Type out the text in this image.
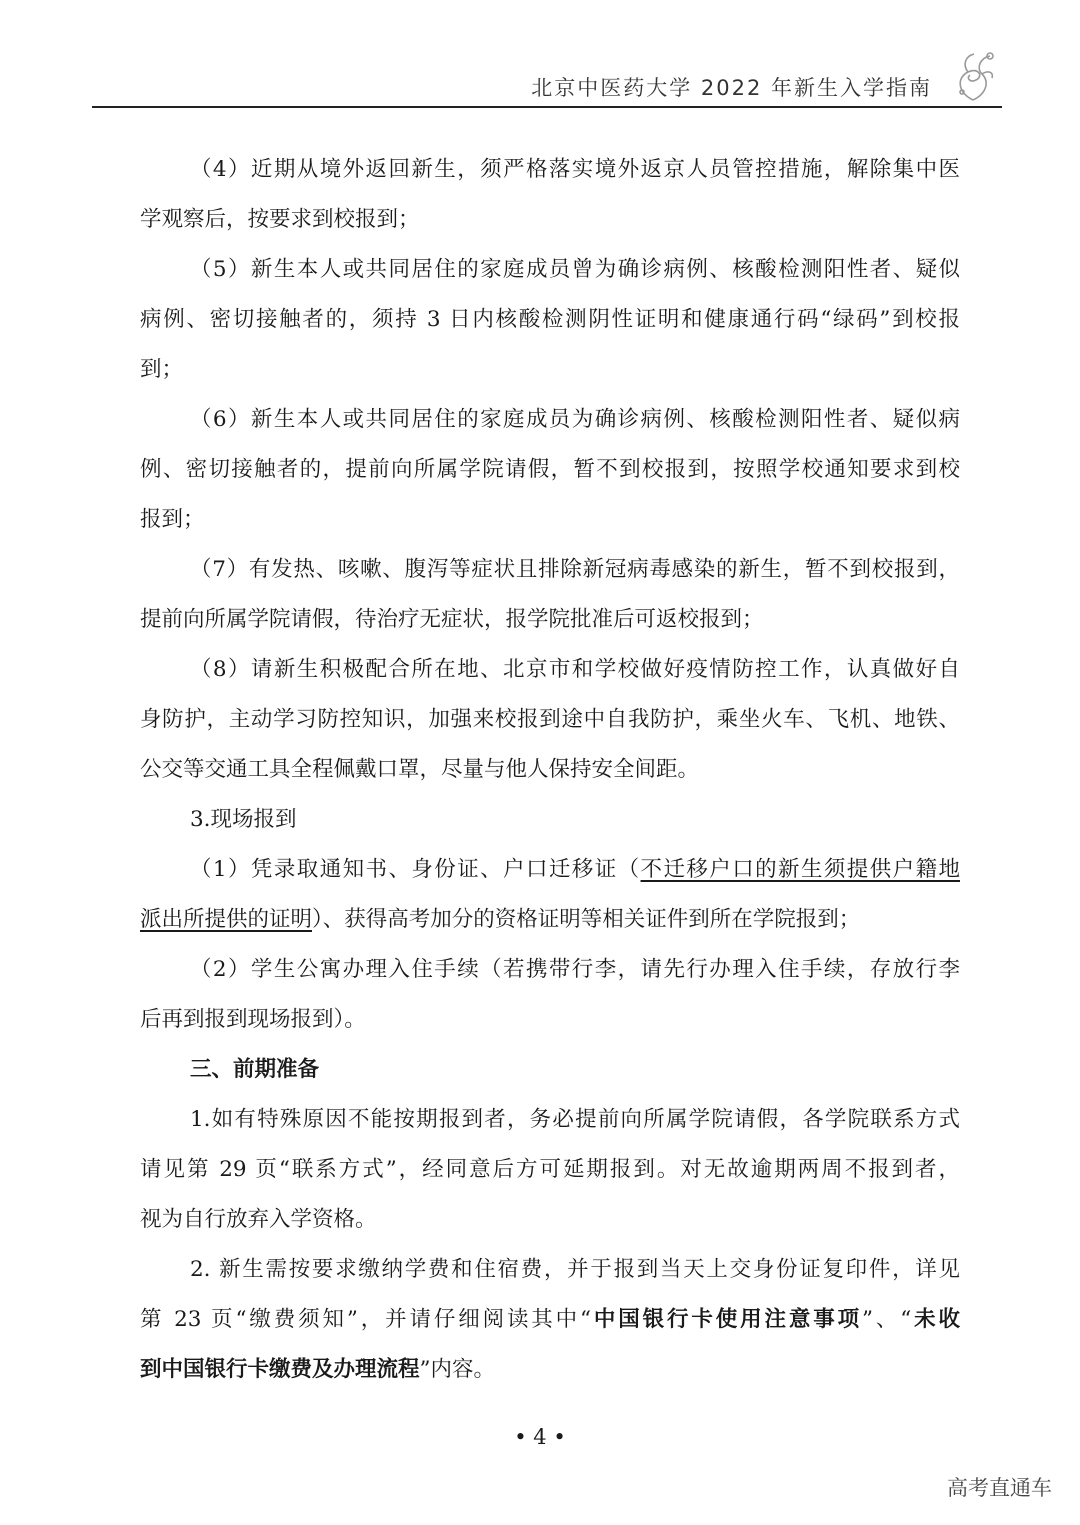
北京中医药大学 2022 年新生入学指南
（4）近期从境外返回新生，须严格落实境外返京人员管控措施，解除集中医
学观察后，按要求到校报到；
（5）新生本人或共同居住的家庭成员曾为确诊病例、核酸检测阳性者、疑似
病例、密切接触者的，须持 3 日内核酸检测阴性证明和健康通行码“绿码”到校报
到；
（6）新生本人或共同居住的家庭成员为确诊病例、核酸检测阳性者、疑似病
例、密切接触者的，提前向所属学院请假，暂不到校报到，按照学校通知要求到校
报到；
（7）有发热、咳嗽、腹泻等症状且排除新冠病毒感染的新生，暂不到校报到，
提前向所属学院请假，待治疗无症状，报学院批准后可返校报到；
（8）请新生积极配合所在地、北京市和学校做好疫情防控工作，认真做好自
身防护，主动学习防控知识，加强来校报到途中自我防护，乘坐火车、飞机、地铁、
公交等交通工具全程佩戴口罩，尽量与他人保持安全间距。
3.现场报到
（1）凭录取通知书、身份证、户口迁移证（不迁移户口的新生须提供户籍地
派出所提供的证明）、获得高考加分的资格证明等相关证件到所在学院报到；
（2）学生公寓办理入住手续（若携带行李，请先行办理入住手续，存放行李
后再到报到现场报到）。
三、前期准备
1.如有特殊原因不能按期报到者，务必提前向所属学院请假，各学院联系方式
请见第 29 页“联系方式”，经同意后方可延期报到。对无故逾期两周不报到者，
视为自行放弃入学资格。
2. 新生需按要求缴纳学费和住宿费，并于报到当天上交身份证复印件，详见
第 23 页“缴费须知”，并请仔细阅读其中“中国银行卡使用注意事项”、“未收
到中国银行卡缴费及办理流程”内容。
• 4 •
高考直通车
